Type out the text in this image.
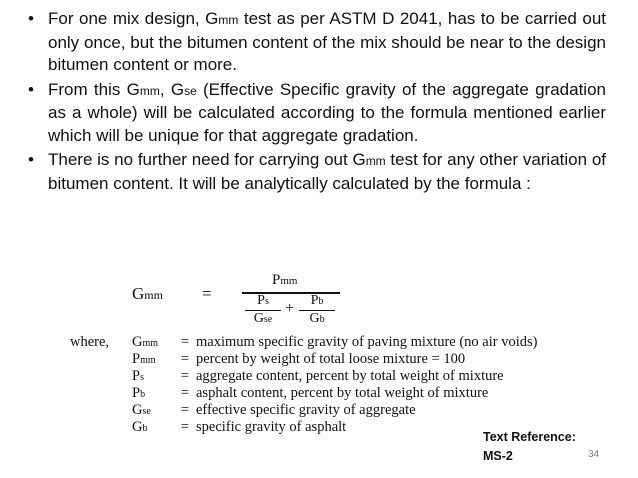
• For one mix design, Gmm test as per ASTM D 2041, has to be carried out only once, but the bitumen content of the mix should be near to the design bitumen content or more.
• From this Gmm, Gse (Effective Specific gravity of the aggregate gradation as a whole) will be calculated according to the formula mentioned earlier which will be unique for that aggregate gradation.
• There is no further need for carrying out Gmm test for any other variation of bitumen content. It will be analytically calculated by the formula :
Gmm =
Pmm
Ps
Gse
+	Pb
Gb
where, Gmm = maximum specific gravity of paving mixture (no air voids)
Pmm = percent by weight of total loose mixture = 100
Ps	= aggregate content, percent by total weight of mixture
Pb = asphalt content, percent by total weight of mixture
Gse = effective specific gravity of aggregate
Gb = specific gravity of asphalt
Text Reference:
MS-2	34
